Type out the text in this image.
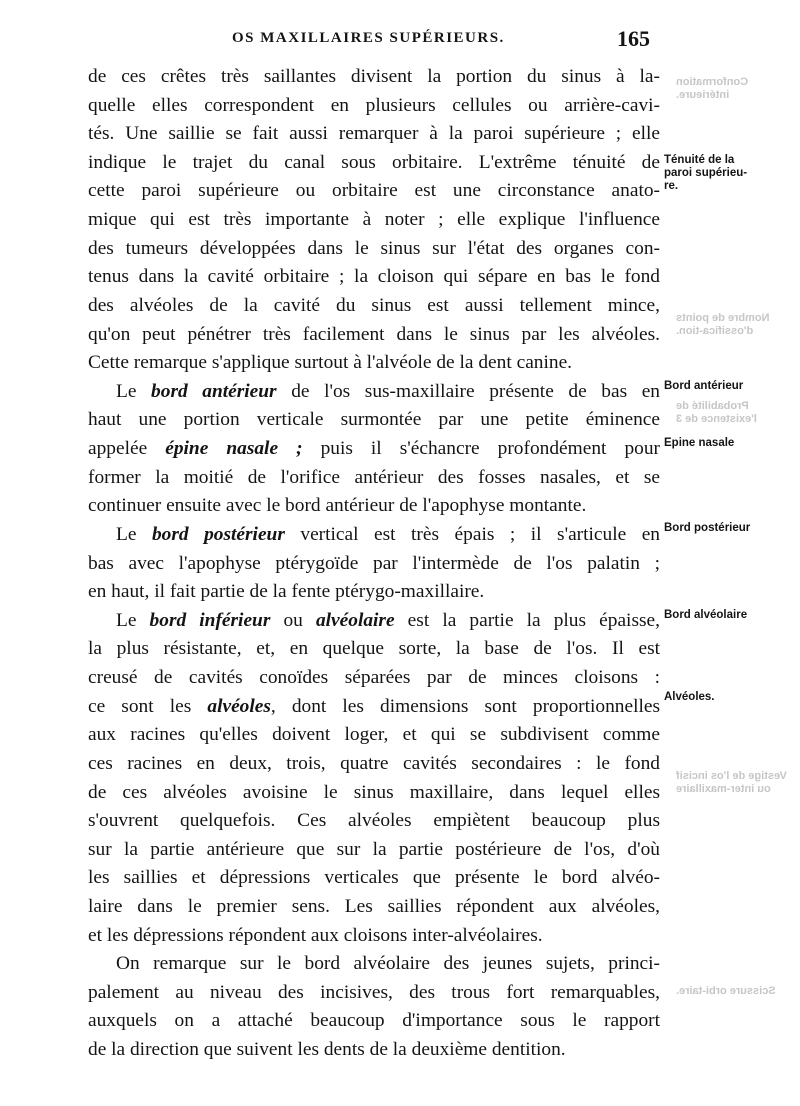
OS MAXILLAIRES SUPÉRIEURS.	165
de ces crêtes très saillantes divisent la portion du sinus à la-
quelle elles correspondent en plusieurs cellules ou arrière-cavi-
tés. Une saillie se fait aussi remarquer à la paroi supérieure ; elle
indique le trajet du canal sous orbitaire. L'extrême ténuité de
cette paroi supérieure ou orbitaire est une circonstance anato-
mique qui est très importante à noter ; elle explique l'influence
des tumeurs développées dans le sinus sur l'état des organes con-
tenus dans la cavité orbitaire ; la cloison qui sépare en bas le fond
des alvéoles de la cavité du sinus est aussi tellement mince,
qu'on peut pénétrer très facilement dans le sinus par les alvéoles.
Cette remarque s'applique surtout à l'alvéole de la dent canine.
Le bord antérieur de l'os sus-maxillaire présente de bas en
haut une portion verticale surmontée par une petite éminence
appelée épine nasale ; puis il s'échancre profondément pour
former la moitié de l'orifice antérieur des fosses nasales, et se
continuer ensuite avec le bord antérieur de l'apophyse montante.
Le bord postérieur vertical est très épais ; il s'articule en
bas avec l'apophyse ptérygoïde par l'intermède de l'os palatin ;
en haut, il fait partie de la fente ptérygo-maxillaire.
Le bord inférieur ou alvéolaire est la partie la plus épaisse,
la plus résistante, et, en quelque sorte, la base de l'os. Il est
creusé de cavités conoïdes séparées par de minces cloisons :
ce sont les alvéoles, dont les dimensions sont proportionnelles
aux racines qu'elles doivent loger, et qui se subdivisent comme
ces racines en deux, trois, quatre cavités secondaires : le fond
de ces alvéoles avoisine le sinus maxillaire, dans lequel elles
s'ouvrent quelquefois. Ces alvéoles empiètent beaucoup plus
sur la partie antérieure que sur la partie postérieure de l'os, d'où
les saillies et dépressions verticales que présente le bord alvéo-
laire dans le premier sens. Les saillies répondent aux alvéoles,
et les dépressions répondent aux cloisons inter-alvéolaires.
On remarque sur le bord alvéolaire des jeunes sujets, princi-
palement au niveau des incisives, des trous fort remarquables,
auxquels on a attaché beaucoup d'importance sous le rapport
de la direction que suivent les dents de la deuxième dentition.
Ténuité de la
paroi supérieu-
re.
Bord antérieur
Epine nasale
Bord postérieur
Bord alvéolaire
Alvéoles.
Conformation intérieure.
Nombre de points d'ossifica-tion.
Probabilité de l'existence de 3
Vestige de l'os incisif ou inter-maxillaire
Scissure orbi-taire.
